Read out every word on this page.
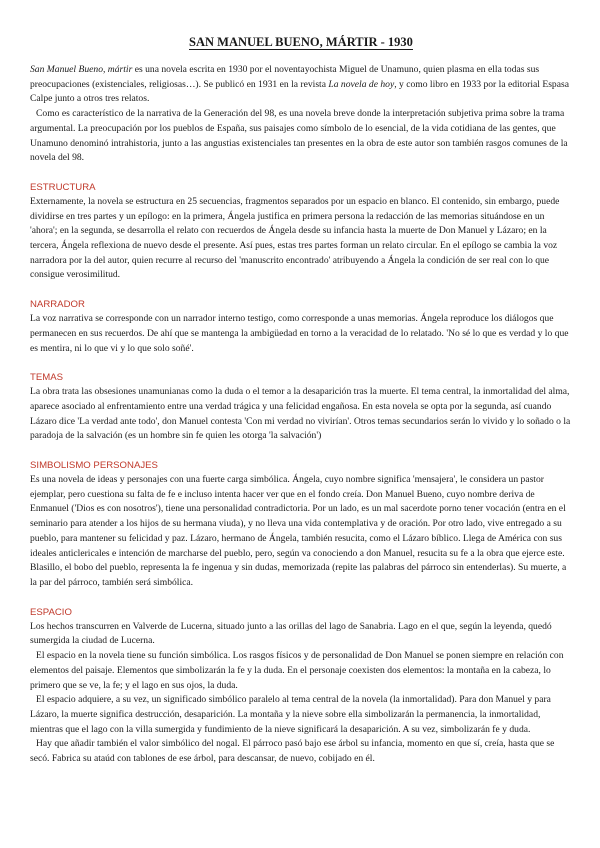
SAN MANUEL BUENO, MÁRTIR - 1930

San Manuel Bueno, mártir es una novela escrita en 1930 por el noventayochista Miguel de Unamuno, quien plasma en ella todas sus preocupaciones (existenciales, religiosas…). Se publicó en 1931 en la revista La novela de hoy, y como libro en 1933 por la editorial Espasa Calpe junto a otros tres relatos.

Como es característico de la narrativa de la Generación del 98, es una novela breve donde la interpretación subjetiva prima sobre la trama argumental. La preocupación por los pueblos de España, sus paisajes como símbolo de lo esencial, de la vida cotidiana de las gentes, que Unamuno denominó intrahistoria, junto a las angustias existenciales tan presentes en la obra de este autor son también rasgos comunes de la novela del 98.

ESTRUCTURA

Externamente, la novela se estructura en 25 secuencias, fragmentos separados por un espacio en blanco. El contenido, sin embargo, puede dividirse en tres partes y un epílogo: en la primera, Ángela justifica en primera persona la redacción de las memorias situándose en un 'ahora'; en la segunda, se desarrolla el relato con recuerdos de Ángela desde su infancia hasta la muerte de Don Manuel y Lázaro; en la tercera, Ángela reflexiona de nuevo desde el presente. Así pues, estas tres partes forman un relato circular. En el epílogo se cambia la voz narradora por la del autor, quien recurre al recurso del 'manuscrito encontrado' atribuyendo a Ángela la condición de ser real con lo que consigue verosimilitud.

NARRADOR

La voz narrativa se corresponde con un narrador interno testigo, como corresponde a unas memorias. Ángela reproduce los diálogos que permanecen en sus recuerdos. De ahí que se mantenga la ambigüedad en torno a la veracidad de lo relatado. 'No sé lo que es verdad y lo que es mentira, ni lo que vi y lo que solo soñé'.

TEMAS

La obra trata las obsesiones unamunianas como la duda o el temor a la desaparición tras la muerte. El tema central, la inmortalidad del alma, aparece asociado al enfrentamiento entre una verdad trágica y una felicidad engañosa. En esta novela se opta por la segunda, así cuando Lázaro dice 'La verdad ante todo', don Manuel contesta 'Con mi verdad no vivirían'. Otros temas secundarios serán lo vivido y lo soñado o la paradoja de la salvación (es un hombre sin fe quien les otorga 'la salvación')

SIMBOLISMO PERSONAJES

Es una novela de ideas y personajes con una fuerte carga simbólica. Ángela, cuyo nombre significa 'mensajera', le considera un pastor ejemplar, pero cuestiona su falta de fe e incluso intenta hacer ver que en el fondo creía. Don Manuel Bueno, cuyo nombre deriva de Enmanuel ('Dios es con nosotros'), tiene una personalidad contradictoria. Por un lado, es un mal sacerdote porno tener vocación (entra en el seminario para atender a los hijos de su hermana viuda), y no lleva una vida contemplativa y de oración. Por otro lado, vive entregado a su pueblo, para mantener su felicidad y paz. Lázaro, hermano de Ángela, también resucita, como el Lázaro bíblico. Llega de América con sus ideales anticlericales e intención de marcharse del pueblo, pero, según va conociendo a don Manuel, resucita su fe a la obra que ejerce este. Blasillo, el bobo del pueblo, representa la fe ingenua y sin dudas, memorizada (repite las palabras del párroco sin entenderlas). Su muerte, a la par del párroco, también será simbólica.

ESPACIO

Los hechos transcurren en Valverde de Lucerna, situado junto a las orillas del lago de Sanabria. Lago en el que, según la leyenda, quedó sumergida la ciudad de Lucerna.

El espacio en la novela tiene su función simbólica. Los rasgos físicos y de personalidad de Don Manuel se ponen siempre en relación con elementos del paisaje. Elementos que simbolizarán la fe y la duda. En el personaje coexisten dos elementos: la montaña en la cabeza, lo primero que se ve, la fe; y el lago en sus ojos, la duda.

El espacio adquiere, a su vez, un significado simbólico paralelo al tema central de la novela (la inmortalidad). Para don Manuel y para Lázaro, la muerte significa destrucción, desaparición. La montaña y la nieve sobre ella simbolizarán la permanencia, la inmortalidad, mientras que el lago con la villa sumergida y fundimiento de la nieve significará la desaparición. A su vez, simbolizarán fe y duda.

Hay que añadir también el valor simbólico del nogal. El párroco pasó bajo ese árbol su infancia, momento en que sí, creía, hasta que se secó. Fabrica su ataúd con tablones de ese árbol, para descansar, de nuevo, cobijado en él.
